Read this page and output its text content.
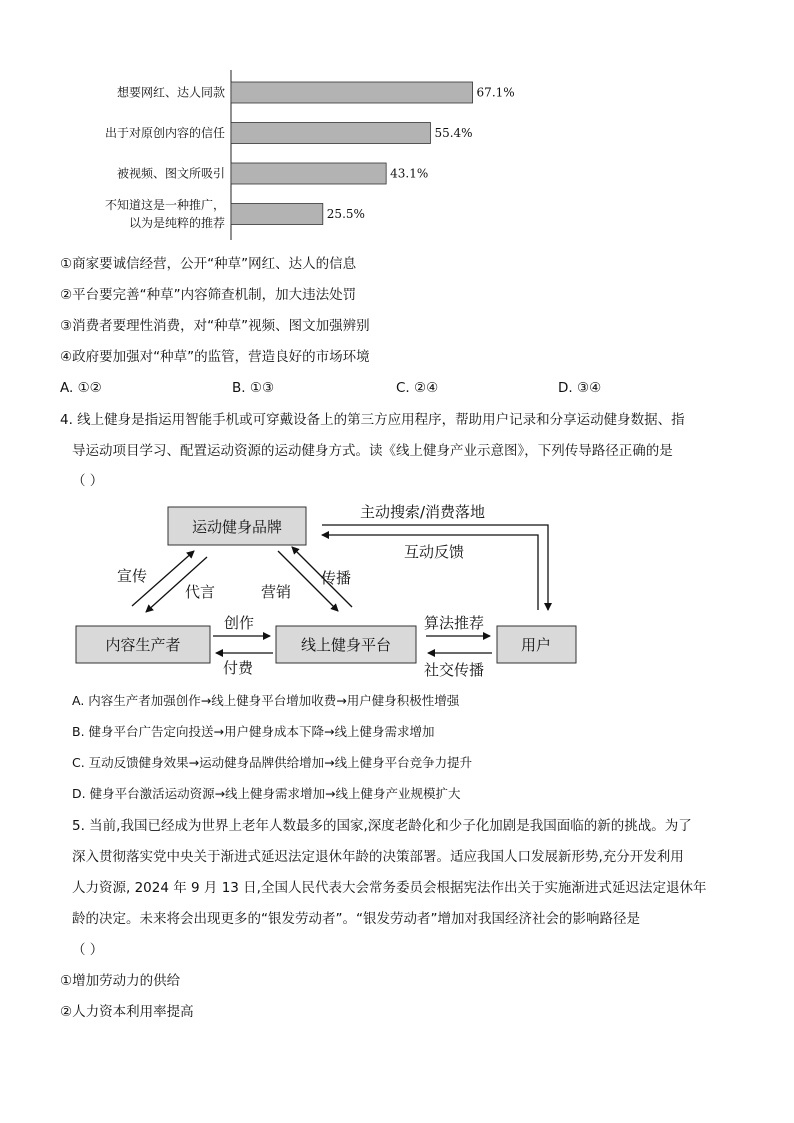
67.1%
想要网红、达人同款
55.4%
出于对原创内容的信任
43.1%
被视频、图文所吸引
25.5%
不知道这是一种推广，
以为是纯粹的推荐
①商家要诚信经营，公开“种草”网红、达人的信息
②平台要完善“种草”内容筛查机制，加大违法处罚
③消费者要理性消费，对“种草”视频、图文加强辨别
④政府要加强对“种草”的监管，营造良好的市场环境
A. ①②	B. ①③	C. ②④	D. ③④
4. 线上健身是指运用智能手机或可穿戴设备上的第三方应用程序，帮助用户记录和分享运动健身数据、指
导运动项目学习、配置运动资源的运动健身方式。读《线上健身产业示意图》，下列传导路径正确的是
（ ）
运动健身品牌
内容生产者	线上健身平台	用户
主动搜索/消费落地
互动反馈
宣传
代言	营销
传播
创作
付费
算法推荐
社交传播
A. 内容生产者加强创作→线上健身平台增加收费→用户健身积极性增强
B. 健身平台广告定向投送→用户健身成本下降→线上健身需求增加
C. 互动反馈健身效果→运动健身品牌供给增加→线上健身平台竞争力提升
D. 健身平台激活运动资源→线上健身需求增加→线上健身产业规模扩大
5. 当前,我国已经成为世界上老年人数最多的国家,深度老龄化和少子化加剧是我国面临的新的挑战。为了
深入贯彻落实党中央关于渐进式延迟法定退休年龄的决策部署。适应我国人口发展新形势,充分开发利用
人力资源, 2024 年 9 月 13 日,全国人民代表大会常务委员会根据宪法作出关于实施渐进式延迟法定退休年
龄的决定。未来将会出现更多的“银发劳动者”。“银发劳动者”增加对我国经济社会的影响路径是
（ ）
①增加劳动力的供给
②人力资本利用率提高
